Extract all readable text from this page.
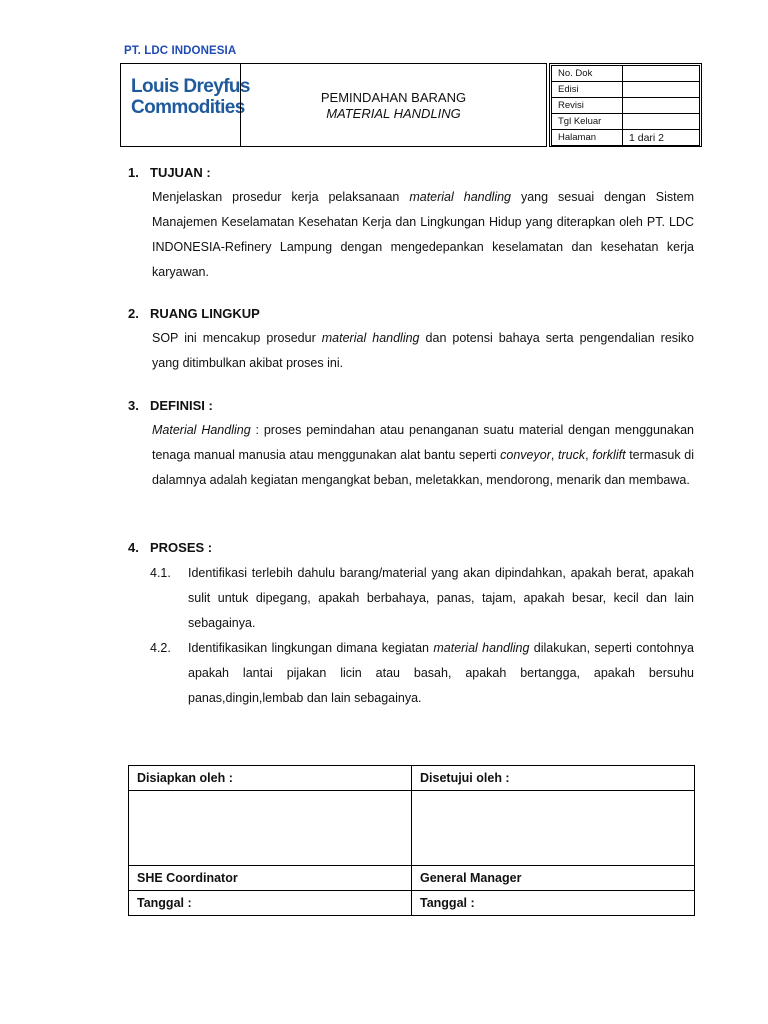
PT. LDC INDONESIA
Louis Dreyfus
Commodities	PEMINDAHAN BARANG
MATERIAL HANDLING
No. Dok	
Edisi	
Revisi	
Tgl Keluar	
Halaman	1 dari 2
1. TUJUAN :
Menjelaskan prosedur kerja pelaksanaan material handling yang sesuai dengan Sistem Manajemen Keselamatan Kesehatan Kerja dan Lingkungan Hidup yang diterapkan oleh PT. LDC INDONESIA-Refinery Lampung dengan mengedepankan keselamatan dan kesehatan kerja karyawan.
2. RUANG LINGKUP
SOP ini mencakup prosedur material handling dan potensi bahaya serta pengendalian resiko yang ditimbulkan akibat proses ini.
3. DEFINISI :
Material Handling : proses pemindahan atau penanganan suatu material dengan menggunakan tenaga manual manusia atau menggunakan alat bantu seperti conveyor, truck, forklift termasuk di dalamnya adalah kegiatan mengangkat beban, meletakkan, mendorong, menarik dan membawa.
4. PROSES :
4.1. Identifikasi terlebih dahulu barang/material yang akan dipindahkan, apakah berat, apakah sulit untuk dipegang, apakah berbahaya, panas, tajam, apakah besar, kecil dan lain sebagainya.
4.2. Identifikasikan lingkungan dimana kegiatan material handling dilakukan, seperti contohnya apakah lantai pijakan licin atau basah, apakah bertangga, apakah bersuhu panas,dingin,lembab dan lain sebagainya.
Disiapkan oleh :	Disetujui oleh :

SHE Coordinator	General Manager
Tanggal :	Tanggal :
